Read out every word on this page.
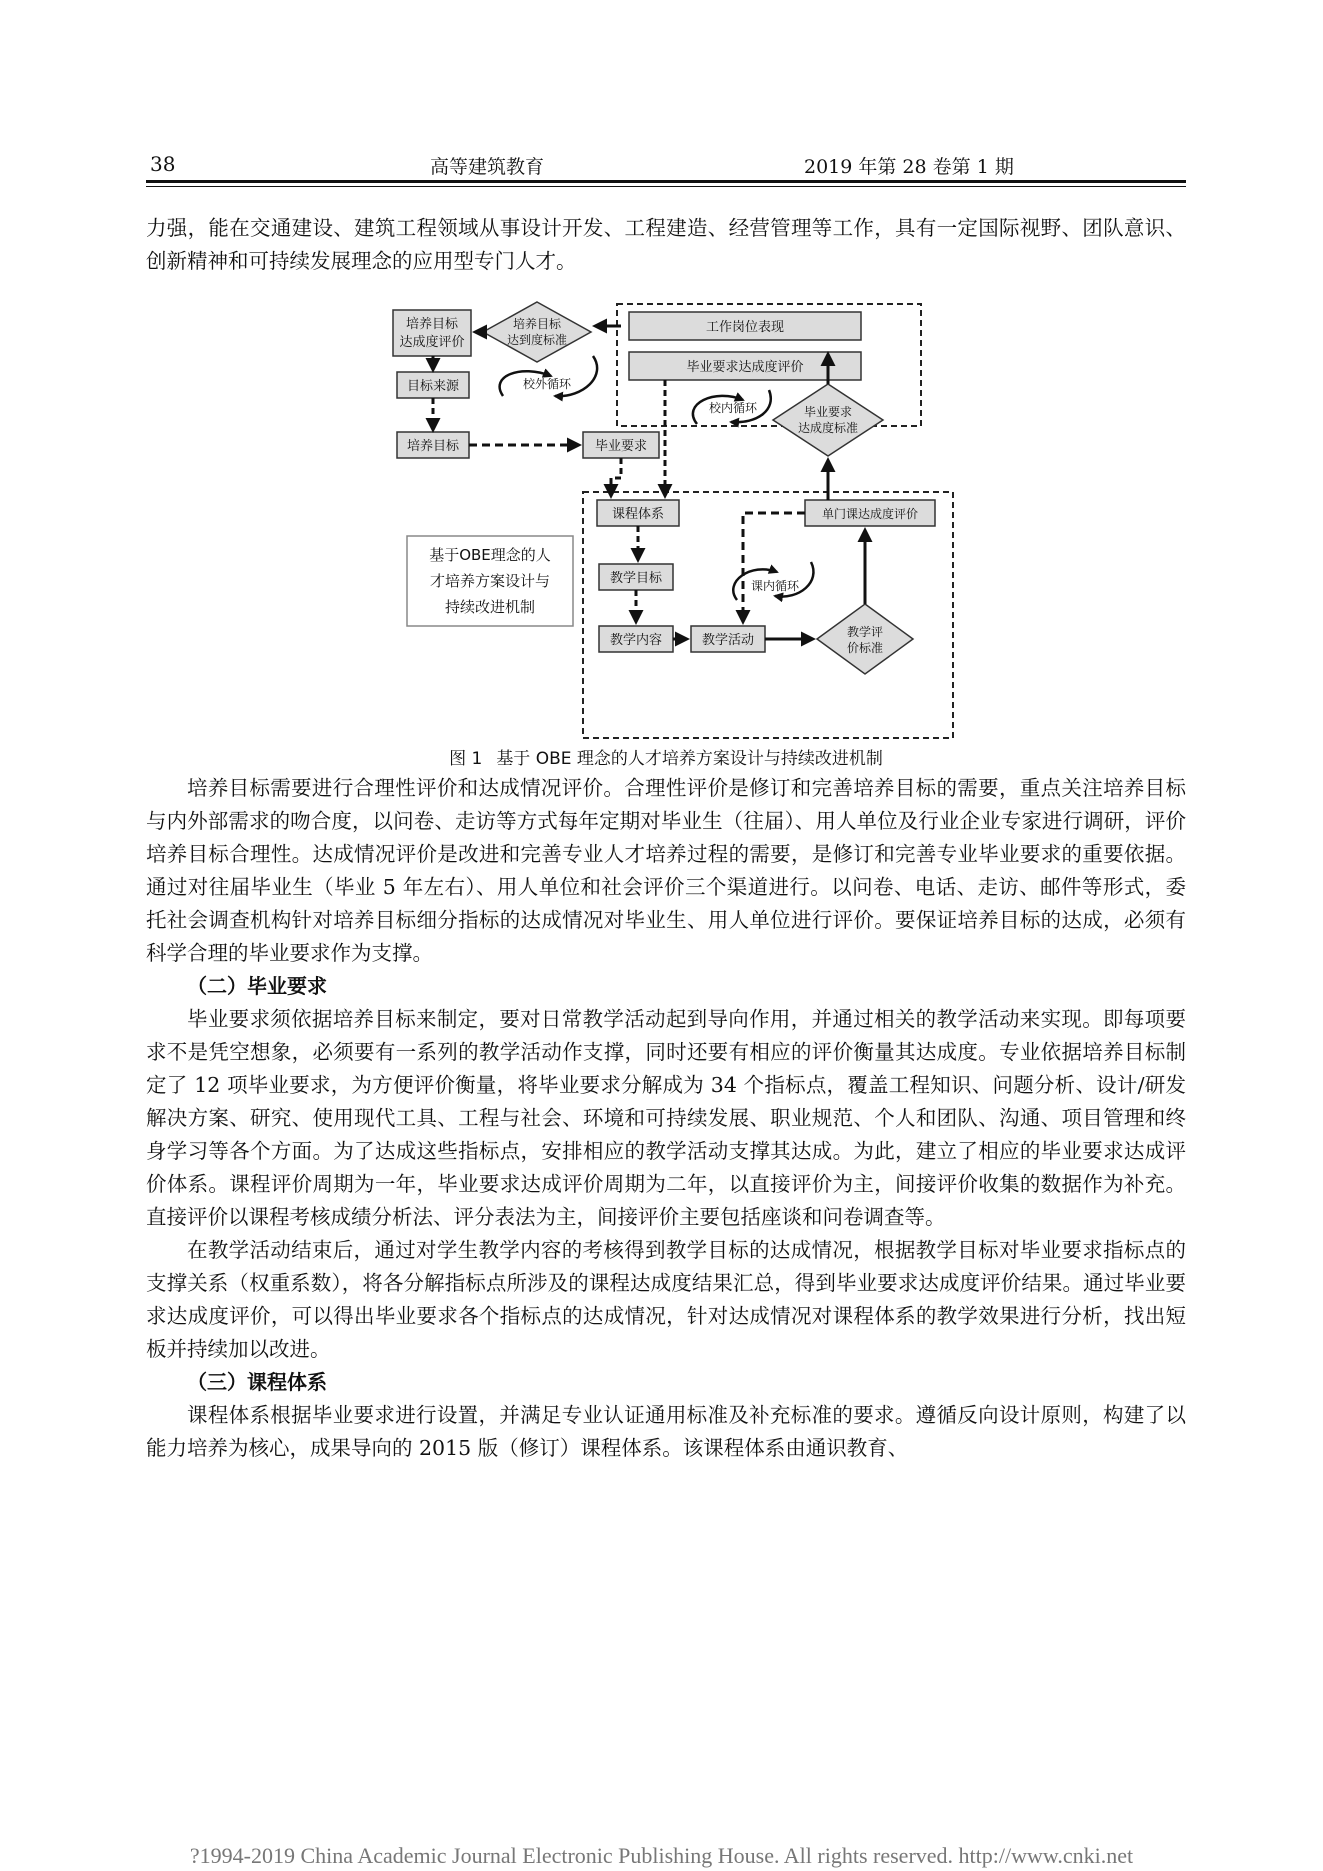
38	高等建筑教育	2019 年第 28 卷第 1 期

力强，能在交通建设、建筑工程领域从事设计开发、工程建造、经营管理等工作，具有一定国际视野、团队意识、创新精神和可持续发展理念的应用型专门人才。

培养目标
达成度评价
培养目标
达到度标准
工作岗位表现
毕业要求达成度评价
目标来源	校外循环
毕业要求
达成度标准
校内循环
培养目标	毕业要求
课程体系	单门课达成度评价
基于OBE理念的人
才培养方案设计与
持续改进机制
教学目标	课内循环
教学内容	教学活动
教学评
价标准
图 1 基于 OBE 理念的人才培养方案设计与持续改进机制

培养目标需要进行合理性评价和达成情况评价。合理性评价是修订和完善培养目标的需要，重点关注培养目标与内外部需求的吻合度，以问卷、走访等方式每年定期对毕业生（往届）、用人单位及行业企业专家进行调研，评价培养目标合理性。达成情况评价是改进和完善专业人才培养过程的需要，是修订和完善专业毕业要求的重要依据。通过对往届毕业生（毕业 5 年左右）、用人单位和社会评价三个渠道进行。以问卷、电话、走访、邮件等形式，委托社会调查机构针对培养目标细分指标的达成情况对毕业生、用人单位进行评价。要保证培养目标的达成，必须有科学合理的毕业要求作为支撑。

（二）毕业要求

毕业要求须依据培养目标来制定，要对日常教学活动起到导向作用，并通过相关的教学活动来实现。即每项要求不是凭空想象，必须要有一系列的教学活动作支撑，同时还要有相应的评价衡量其达成度。专业依据培养目标制定了 12 项毕业要求，为方便评价衡量，将毕业要求分解成为 34 个指标点，覆盖工程知识、问题分析、设计/研发解决方案、研究、使用现代工具、工程与社会、环境和可持续发展、职业规范、个人和团队、沟通、项目管理和终身学习等各个方面。为了达成这些指标点，安排相应的教学活动支撑其达成。为此，建立了相应的毕业要求达成评价体系。课程评价周期为一年，毕业要求达成评价周期为二年，以直接评价为主，间接评价收集的数据作为补充。直接评价以课程考核成绩分析法、评分表法为主，间接评价主要包括座谈和问卷调查等。

在教学活动结束后，通过对学生教学内容的考核得到教学目标的达成情况，根据教学目标对毕业要求指标点的支撑关系（权重系数），将各分解指标点所涉及的课程达成度结果汇总，得到毕业要求达成度评价结果。通过毕业要求达成度评价，可以得出毕业要求各个指标点的达成情况，针对达成情况对课程体系的教学效果进行分析，找出短板并持续加以改进。

（三）课程体系

课程体系根据毕业要求进行设置，并满足专业认证通用标准及补充标准的要求。遵循反向设计原则，构建了以能力培养为核心，成果导向的 2015 版（修订）课程体系。该课程体系由通识教育、

?1994-2019 China Academic Journal Electronic Publishing House. All rights reserved. http://www.cnki.net
